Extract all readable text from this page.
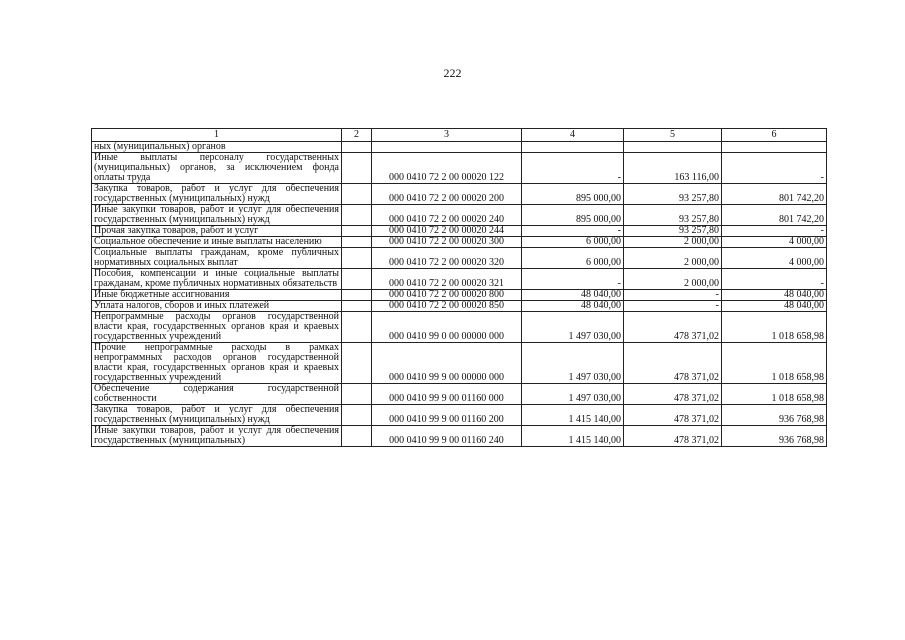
222
1	2	3	4	5	6
ных (муниципальных) органов					
Иные выплаты персоналу государственных (муниципальных) органов, за исключением фонда оплаты труда		000 0410 72 2 00 00020 122	-	163 116,00	-
Закупка товаров, работ и услуг для обеспечения государственных (муниципальных) нужд		000 0410 72 2 00 00020 200	895 000,00	93 257,80	801 742,20
Иные закупки товаров, работ и услуг для обеспечения государственных (муниципальных) нужд		000 0410 72 2 00 00020 240	895 000,00	93 257,80	801 742,20
Прочая закупка товаров, работ и услуг		000 0410 72 2 00 00020 244	-	93 257,80	-
Социальное обеспечение и иные выплаты населению		000 0410 72 2 00 00020 300	6 000,00	2 000,00	4 000,00
Социальные выплаты гражданам, кроме публичных нормативных социальных выплат		000 0410 72 2 00 00020 320	6 000,00	2 000,00	4 000,00
Пособия, компенсации и иные социальные выплаты гражданам, кроме публичных нормативных обязательств		000 0410 72 2 00 00020 321	-	2 000,00	-
Иные бюджетные ассигнования		000 0410 72 2 00 00020 800	48 040,00	-	48 040,00
Уплата налогов, сборов и иных платежей		000 0410 72 2 00 00020 850	48 040,00	-	48 040,00
Непрограммные расходы органов государственной власти края, государственных органов края и краевых государственных учреждений		000 0410 99 0 00 00000 000	1 497 030,00	478 371,02	1 018 658,98
Прочие непрограммные расходы в рамках непрограммных расходов органов государственной власти края, государственных органов края и краевых государственных учреждений		000 0410 99 9 00 00000 000	1 497 030,00	478 371,02	1 018 658,98
Обеспечение содержания государственной собственности		000 0410 99 9 00 01160 000	1 497 030,00	478 371,02	1 018 658,98
Закупка товаров, работ и услуг для обеспечения государственных (муниципальных) нужд		000 0410 99 9 00 01160 200	1 415 140,00	478 371,02	936 768,98
Иные закупки товаров, работ и услуг для обеспечения государственных (муниципальных)		000 0410 99 9 00 01160 240	1 415 140,00	478 371,02	936 768,98
